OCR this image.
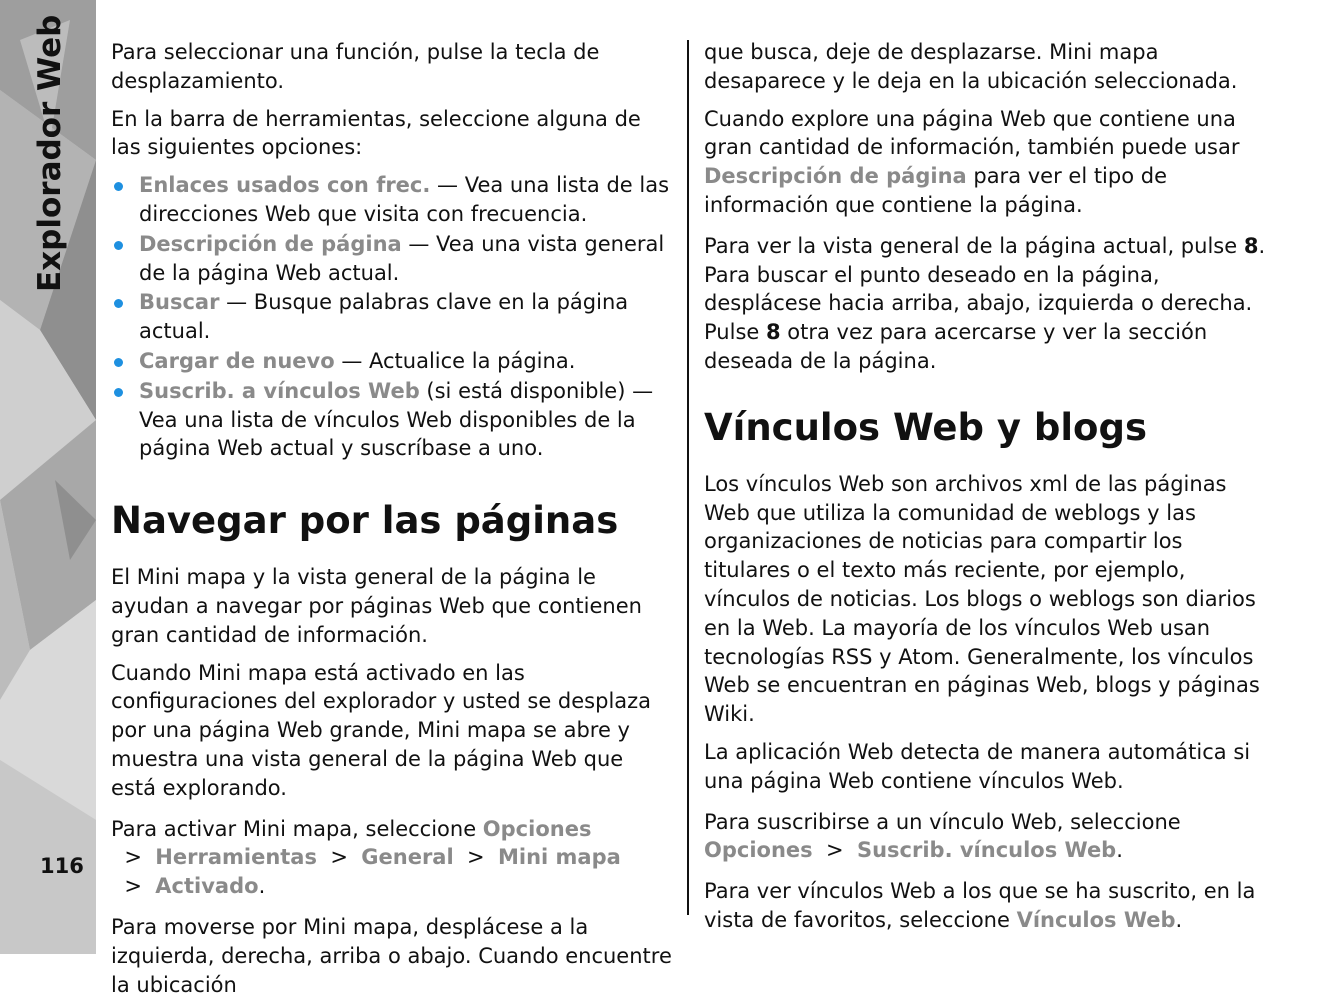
Explorador Web
116

Para seleccionar una función, pulse la tecla de desplazamiento.

En la barra de herramientas, seleccione alguna de las siguientes opciones:

Enlaces usados con frec. — Vea una lista de las direcciones Web que visita con frecuencia.
Descripción de página — Vea una vista general de la página Web actual.
Buscar — Busque palabras clave en la página actual.
Cargar de nuevo — Actualice la página.
Suscrib. a vínculos Web (si está disponible) — Vea una lista de vínculos Web disponibles de la página Web actual y suscríbase a uno.
Navegar por las páginas

El Mini mapa y la vista general de la página le ayudan a navegar por páginas Web que contienen gran cantidad de información.

Cuando Mini mapa está activado en las configuraciones del explorador y usted se desplaza por una página Web grande, Mini mapa se abre y muestra una vista general de la página Web que está explorando.

Para activar Mini mapa, seleccione Opciones  >  Herramientas  >  General  >  Mini mapa  >  Activado.

Para moverse por Mini mapa, desplácese a la izquierda, derecha, arriba o abajo. Cuando encuentre la ubicación

que busca, deje de desplazarse. Mini mapa desaparece y le deja en la ubicación seleccionada.

Cuando explore una página Web que contiene una gran cantidad de información, también puede usar Descripción de página para ver el tipo de información que contiene la página.

Para ver la vista general de la página actual, pulse 8. Para buscar el punto deseado en la página, desplácese hacia arriba, abajo, izquierda o derecha. Pulse 8 otra vez para acercarse y ver la sección deseada de la página.

Vínculos Web y blogs

Los vínculos Web son archivos xml de las páginas Web que utiliza la comunidad de weblogs y las organizaciones de noticias para compartir los titulares o el texto más reciente, por ejemplo, vínculos de noticias. Los blogs o weblogs son diarios en la Web. La mayoría de los vínculos Web usan tecnologías RSS y Atom. Generalmente, los vínculos Web se encuentran en páginas Web, blogs y páginas Wiki.

La aplicación Web detecta de manera automática si una página Web contiene vínculos Web.

Para suscribirse a un vínculo Web, seleccione Opciones  >  Suscrib. vínculos Web.

Para ver vínculos Web a los que se ha suscrito, en la vista de favoritos, seleccione Vínculos Web.
